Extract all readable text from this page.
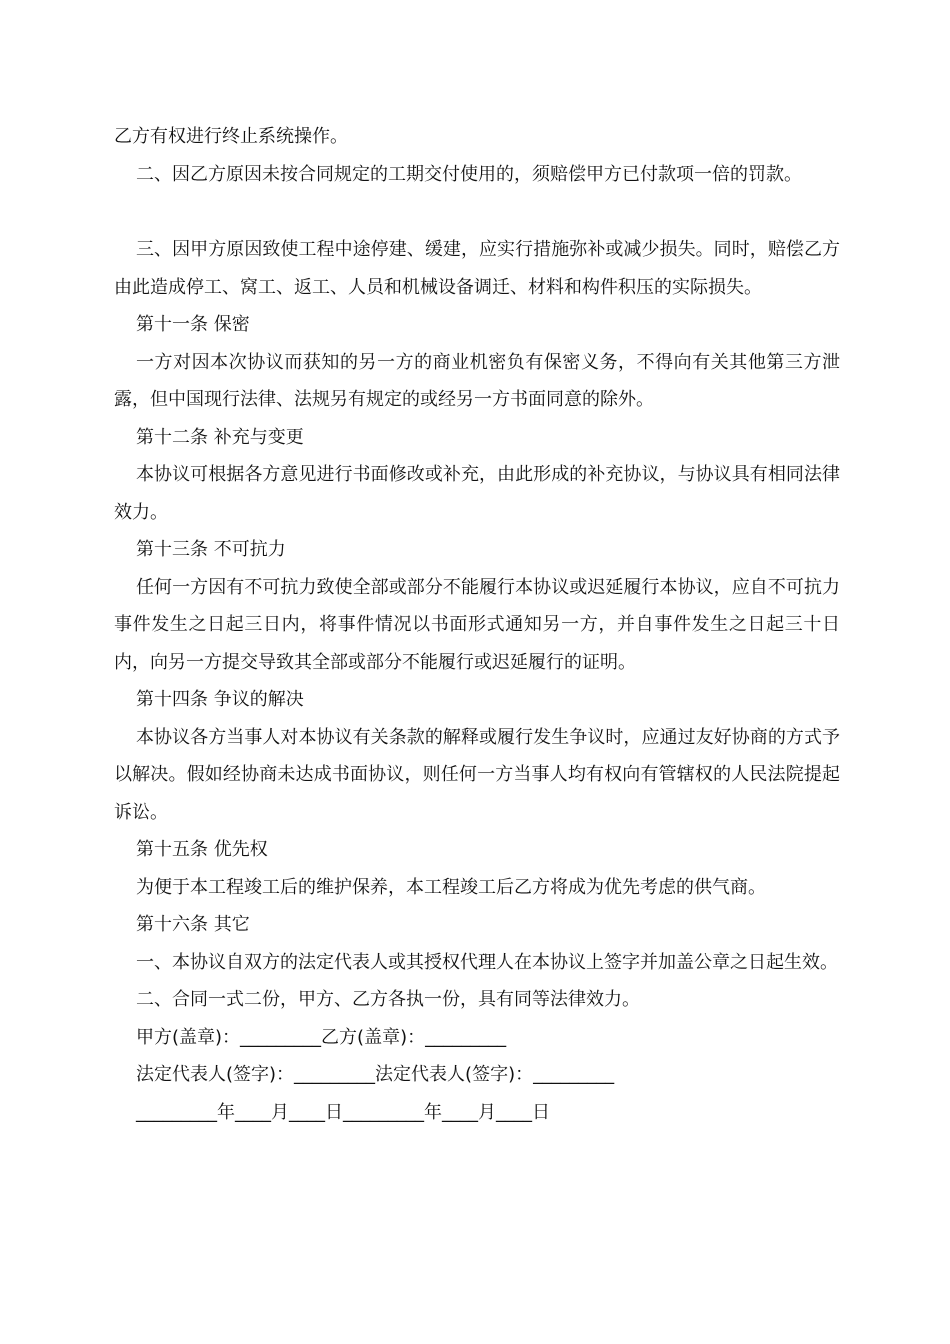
乙方有权进行终止系统操作。

二、因乙方原因未按合同规定的工期交付使用的，须赔偿甲方已付款项一倍的罚款。

三、因甲方原因致使工程中途停建、缓建，应实行措施弥补或减少损失。同时，赔偿乙方由此造成停工、窝工、返工、人员和机械设备调迁、材料和构件积压的实际损失。

第十一条 保密

一方对因本次协议而获知的另一方的商业机密负有保密义务，不得向有关其他第三方泄露，但中国现行法律、法规另有规定的或经另一方书面同意的除外。

第十二条 补充与变更

本协议可根据各方意见进行书面修改或补充，由此形成的补充协议，与协议具有相同法律效力。

第十三条 不可抗力

任何一方因有不可抗力致使全部或部分不能履行本协议或迟延履行本协议，应自不可抗力事件发生之日起三日内，将事件情况以书面形式通知另一方，并自事件发生之日起三十日内，向另一方提交导致其全部或部分不能履行或迟延履行的证明。

第十四条 争议的解决

本协议各方当事人对本协议有关条款的解释或履行发生争议时，应通过友好协商的方式予以解决。假如经协商未达成书面协议，则任何一方当事人均有权向有管辖权的人民法院提起诉讼。

第十五条 优先权

为便于本工程竣工后的维护保养，本工程竣工后乙方将成为优先考虑的供气商。

第十六条 其它

一、本协议自双方的法定代表人或其授权代理人在本协议上签字并加盖公章之日起生效。

二、合同一式二份，甲方、乙方各执一份，具有同等法律效力。

甲方(盖章)：_________乙方(盖章)：_________
法定代表人(签字)：_________法定代表人(签字)：_________
_________年____月____日_________年____月____日
